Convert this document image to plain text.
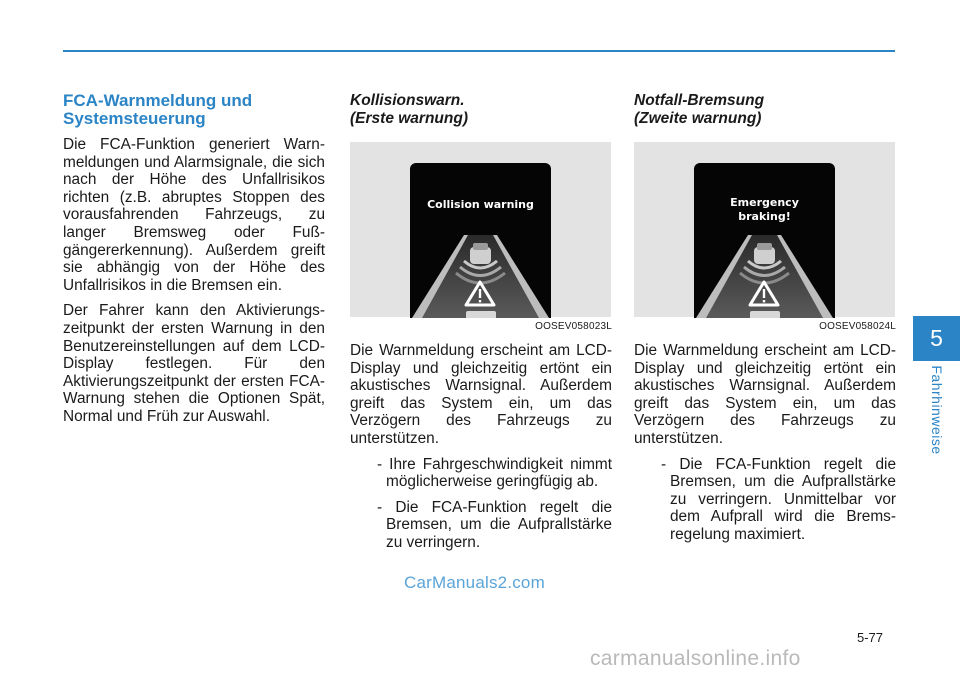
FCA-Warnmeldung und Systemsteuerung

Die FCA-Funktion generiert Warn-meldungen und Alarmsignale, die sich nach der Höhe des Unfallrisikos richten (z.B. abruptes Stoppen des vorausfahrenden Fahrzeugs, zu langer Bremsweg oder Fuß-gängererkennung). Außerdem greift sie abhängig von der Höhe des Unfallrisikos in die Bremsen ein.

Der Fahrer kann den Aktivierungs-zeitpunkt der ersten Warnung in den Benutzereinstellungen auf dem LCD-Display festlegen. Für den Aktivierungszeitpunkt der ersten FCA-Warnung stehen die Optionen Spät, Normal und Früh zur Auswahl.

Kollisionswarn.
(Erste warnung)
Collision warning
OOSEV058023L

Die Warnmeldung erscheint am LCD-Display und gleichzeitig ertönt ein akustisches Warnsignal. Außerdem greift das System ein, um das Verzögern des Fahrzeugs zu unterstützen.

- Ihre Fahrgeschwindigkeit nimmt möglicherweise geringfügig ab.
- Die FCA-Funktion regelt die Bremsen, um die Aufprallstärke zu verringern.
Notfall-Bremsung
(Zweite warnung)
Emergency
braking!
OOSEV058024L

Die Warnmeldung erscheint am LCD-Display und gleichzeitig ertönt ein akustisches Warnsignal. Außerdem greift das System ein, um das Verzögern des Fahrzeugs zu unterstützen.

- Die FCA-Funktion regelt die Bremsen, um die Aufprallstärke zu verringern. Unmittelbar vor dem Aufprall wird die Brems-regelung maximiert.
5
Fahrhinweise
5-77
CarManuals2.com
carmanualsonline.info
